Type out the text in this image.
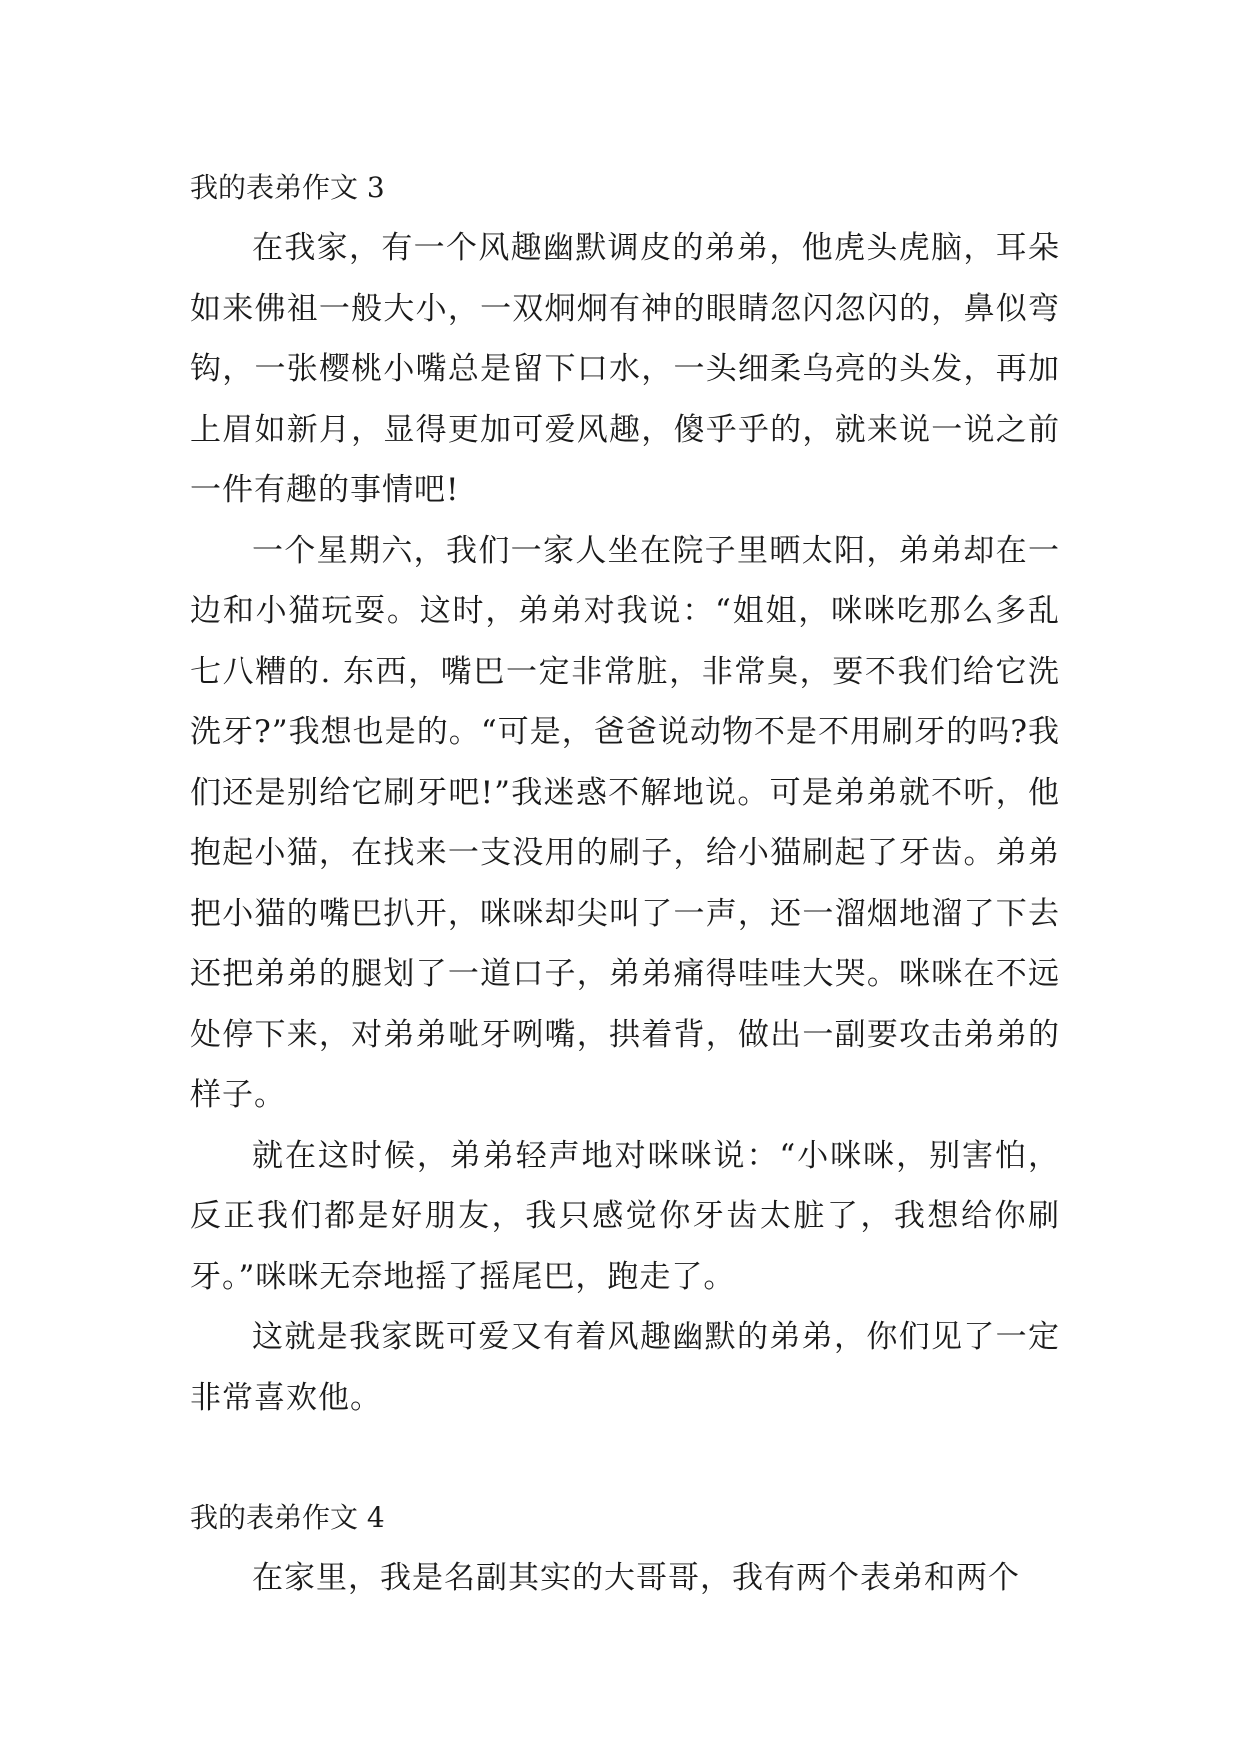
我的表弟作文 3

在我家，有一个风趣幽默调皮的弟弟，他虎头虎脑，耳朵如来佛祖一般大小，一双炯炯有神的眼睛忽闪忽闪的，鼻似弯钩，一张樱桃小嘴总是留下口水，一头细柔乌亮的头发，再加上眉如新月，显得更加可爱风趣，傻乎乎的，就来说一说之前一件有趣的事情吧!

一个星期六，我们一家人坐在院子里晒太阳，弟弟却在一边和小猫玩耍。这时，弟弟对我说：“姐姐，咪咪吃那么多乱七八糟的. 东西，嘴巴一定非常脏，非常臭，要不我们给它洗洗牙?”我想也是的。“可是，爸爸说动物不是不用刷牙的吗?我们还是别给它刷牙吧!”我迷惑不解地说。可是弟弟就不听，他抱起小猫，在找来一支没用的刷子，给小猫刷起了牙齿。弟弟把小猫的嘴巴扒开，咪咪却尖叫了一声，还一溜烟地溜了下去还把弟弟的腿划了一道口子，弟弟痛得哇哇大哭。咪咪在不远处停下来，对弟弟呲牙咧嘴，拱着背，做出一副要攻击弟弟的样子。

就在这时候，弟弟轻声地对咪咪说：“小咪咪，别害怕，反正我们都是好朋友，我只感觉你牙齿太脏了，我想给你刷牙。”咪咪无奈地摇了摇尾巴，跑走了。

这就是我家既可爱又有着风趣幽默的弟弟，你们见了一定非常喜欢他。

我的表弟作文 4

在家里，我是名副其实的大哥哥，我有两个表弟和两个
